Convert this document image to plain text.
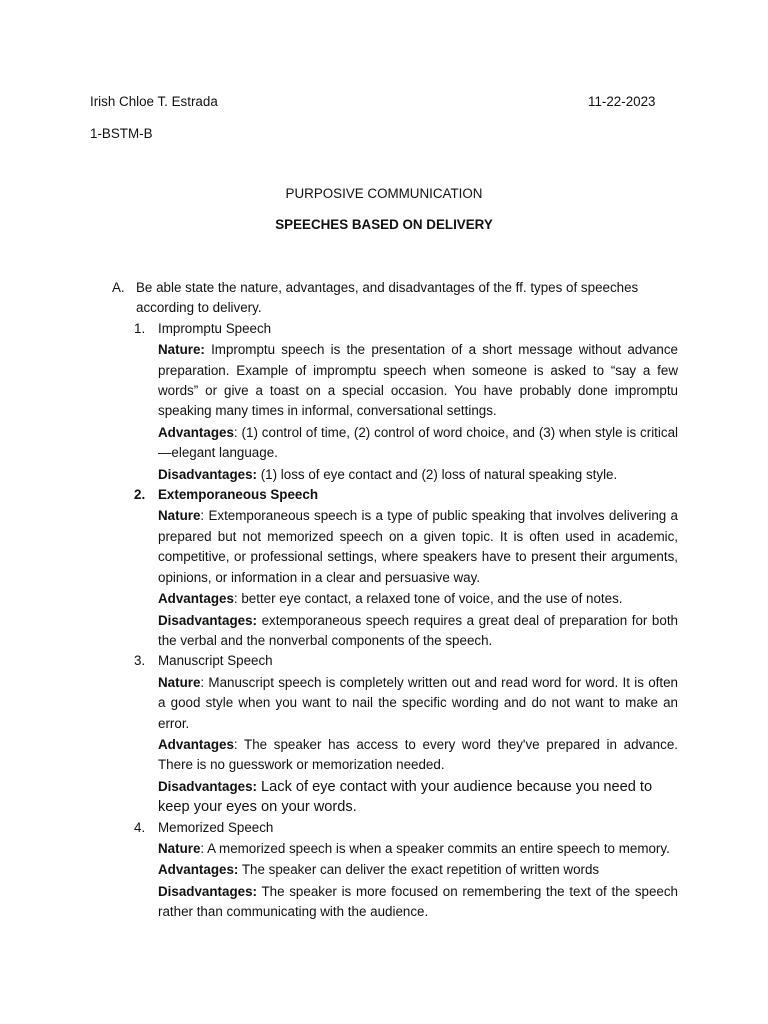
Irish Chloe T. Estrada	11-22-2023
1-BSTM-B
PURPOSIVE COMMUNICATION
SPEECHES BASED ON DELIVERY
A. Be able state the nature, advantages, and disadvantages of the ff. types of speeches according to delivery.
1. Impromptu Speech
Nature: Impromptu speech is the presentation of a short message without advance preparation. Example of impromptu speech when someone is asked to “say a few words” or give a toast on a special occasion. You have probably done impromptu speaking many times in informal, conversational settings.
Advantages: (1) control of time, (2) control of word choice, and (3) when style is critical—elegant language.
Disadvantages: (1) loss of eye contact and (2) loss of natural speaking style.
2. Extemporaneous Speech
Nature: Extemporaneous speech is a type of public speaking that involves delivering a prepared but not memorized speech on a given topic. It is often used in academic, competitive, or professional settings, where speakers have to present their arguments, opinions, or information in a clear and persuasive way.
Advantages: better eye contact, a relaxed tone of voice, and the use of notes.
Disadvantages: extemporaneous speech requires a great deal of preparation for both the verbal and the nonverbal components of the speech.
3. Manuscript Speech
Nature: Manuscript speech is completely written out and read word for word. It is often a good style when you want to nail the specific wording and do not want to make an error.
Advantages: The speaker has access to every word they've prepared in advance. There is no guesswork or memorization needed.
Disadvantages: Lack of eye contact with your audience because you need to keep your eyes on your words.
4. Memorized Speech
Nature: A memorized speech is when a speaker commits an entire speech to memory.
Advantages: The speaker can deliver the exact repetition of written words
Disadvantages: The speaker is more focused on remembering the text of the speech rather than communicating with the audience.
